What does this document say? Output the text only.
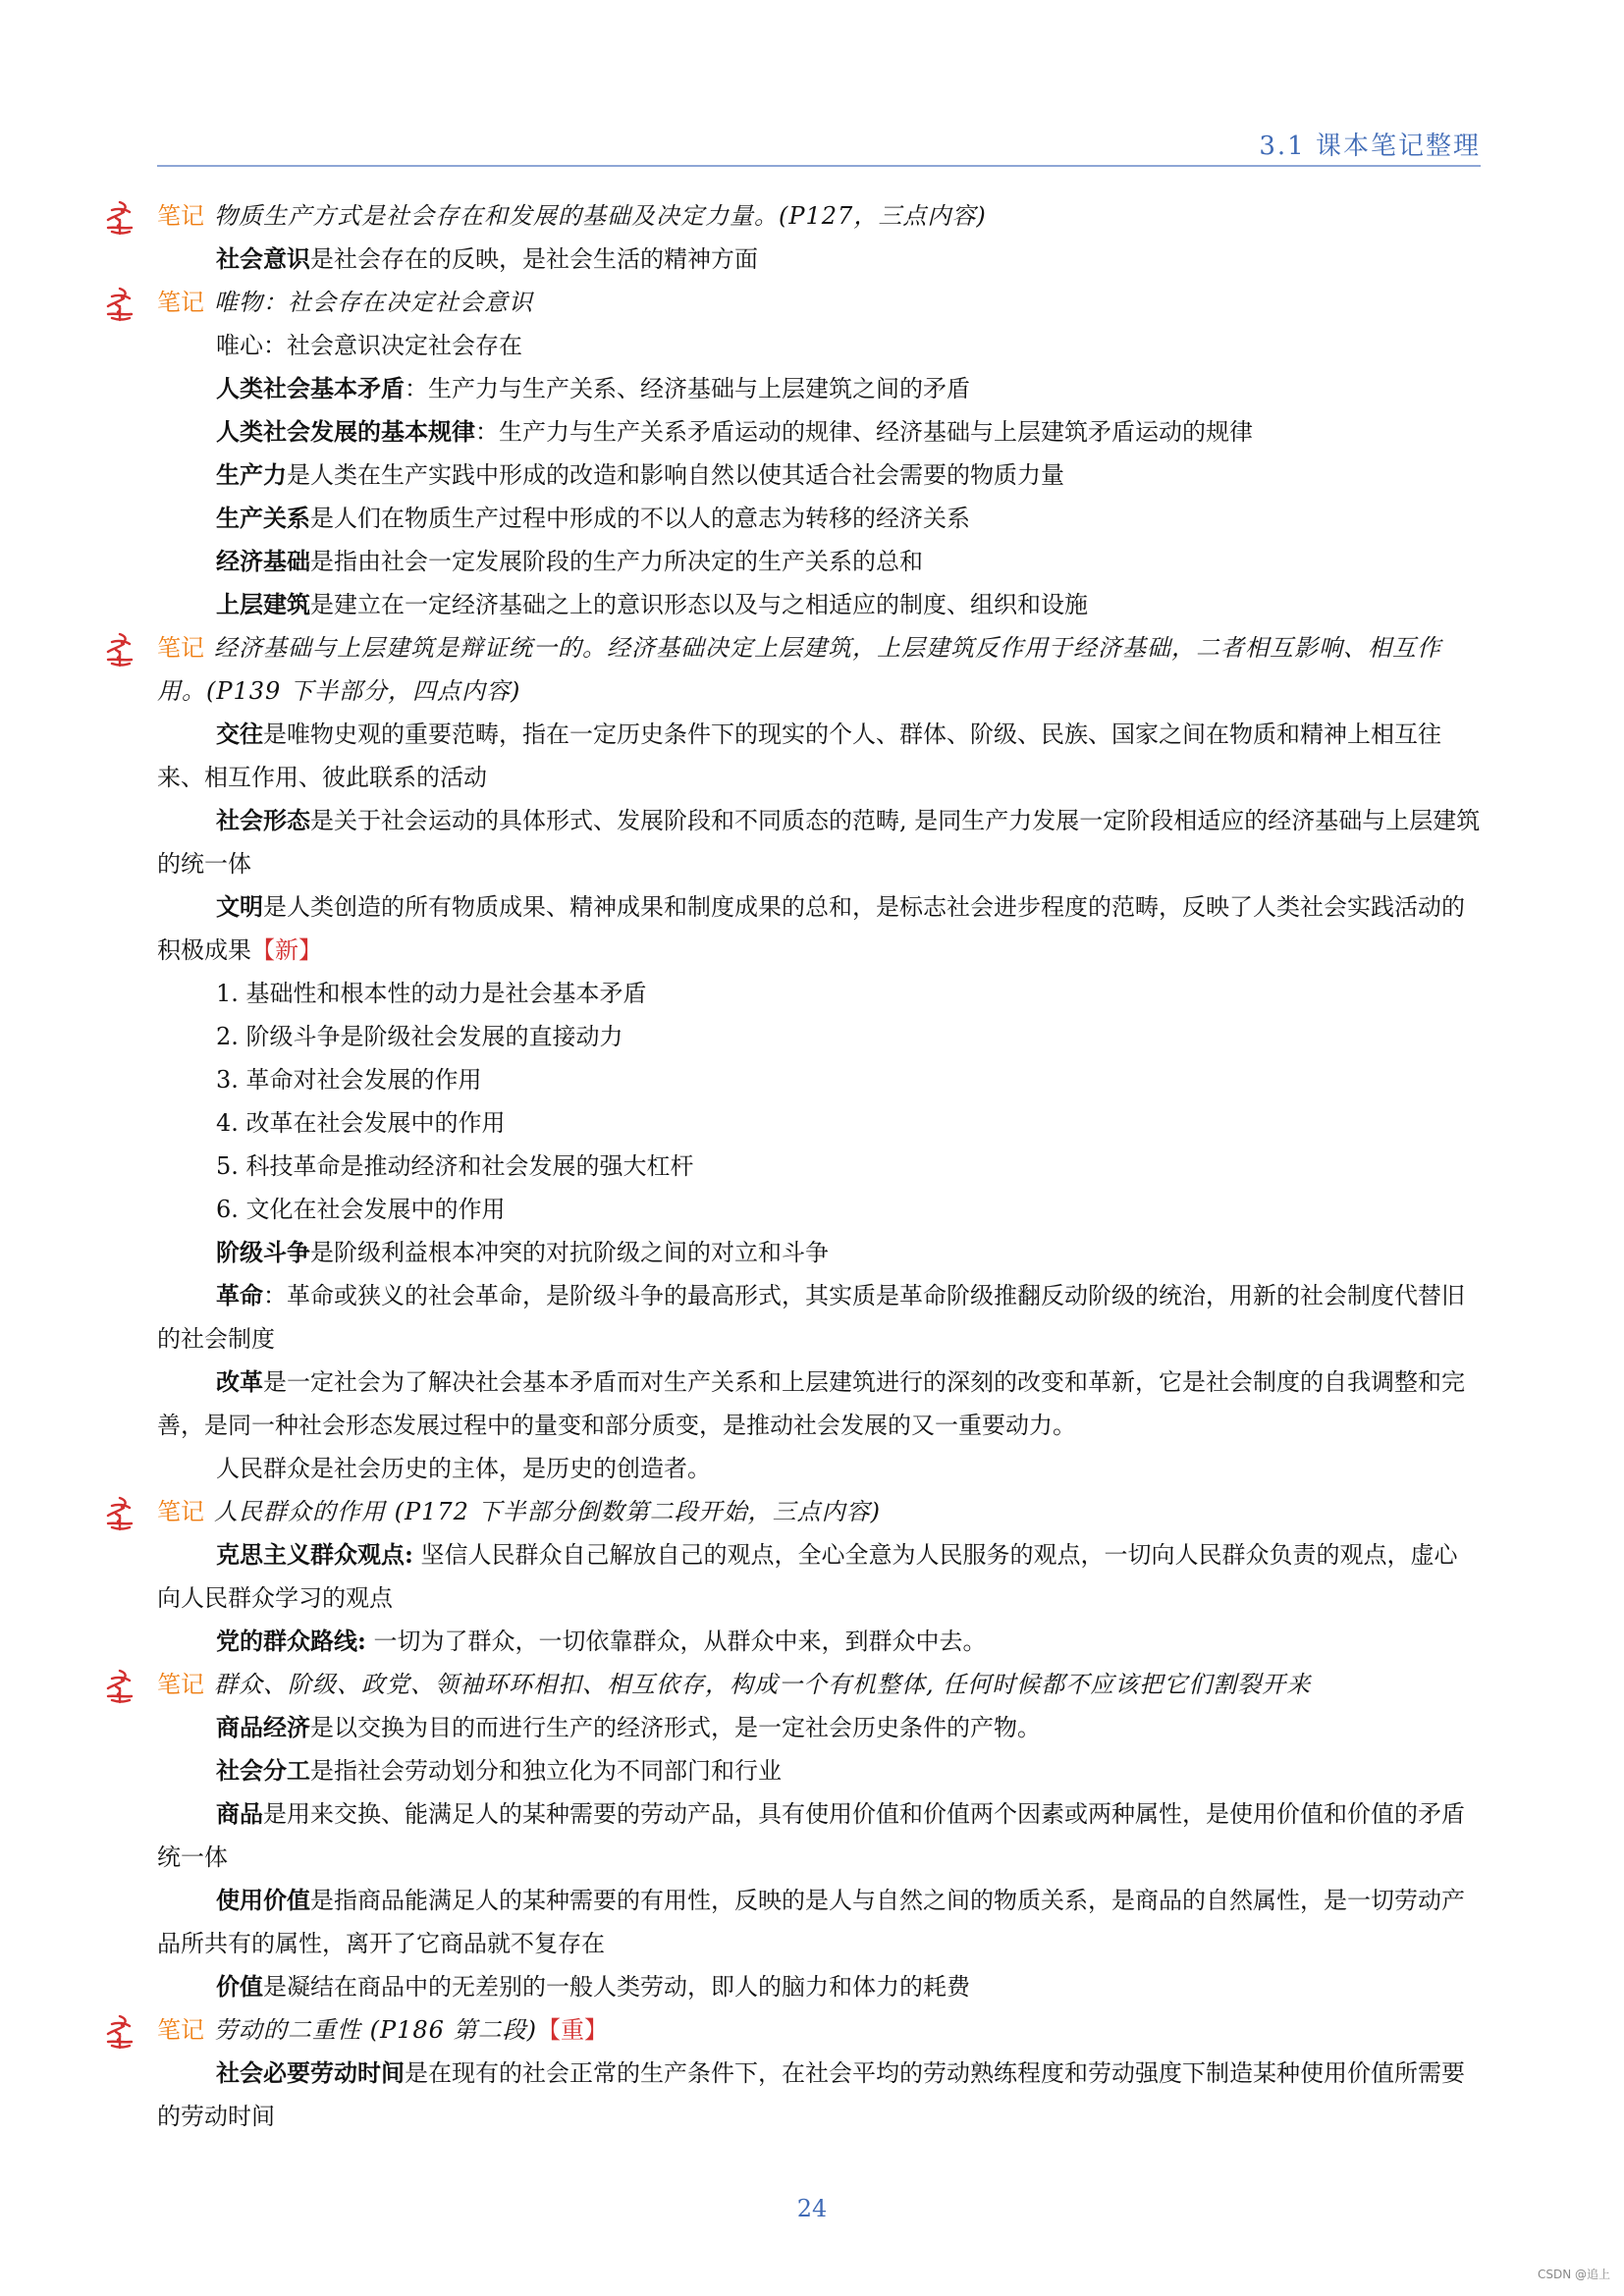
3.1 课本笔记整理

笔记 物质生产方式是社会存在和发展的基础及决定力量。(P127，三点内容)

社会意识是社会存在的反映，是社会生活的精神方面

笔记 唯物：社会存在决定社会意识

唯心：社会意识决定社会存在

人类社会基本矛盾：生产力与生产关系、经济基础与上层建筑之间的矛盾

人类社会发展的基本规律：生产力与生产关系矛盾运动的规律、经济基础与上层建筑矛盾运动的规律

生产力是人类在生产实践中形成的改造和影响自然以使其适合社会需要的物质力量

生产关系是人们在物质生产过程中形成的不以人的意志为转移的经济关系

经济基础是指由社会一定发展阶段的生产力所决定的生产关系的总和

上层建筑是建立在一定经济基础之上的意识形态以及与之相适应的制度、组织和设施

笔记 经济基础与上层建筑是辩证统一的。经济基础决定上层建筑，上层建筑反作用于经济基础，二者相互影响、相互作用。(P139 下半部分，四点内容)

交往是唯物史观的重要范畴，指在一定历史条件下的现实的个人、群体、阶级、民族、国家之间在物质和精神上相互往来、相互作用、彼此联系的活动

社会形态是关于社会运动的具体形式、发展阶段和不同质态的范畴, 是同生产力发展一定阶段相适应的经济基础与上层建筑的统一体

文明是人类创造的所有物质成果、精神成果和制度成果的总和，是标志社会进步程度的范畴，反映了人类社会实践活动的积极成果【新】

1. 基础性和根本性的动力是社会基本矛盾

2. 阶级斗争是阶级社会发展的直接动力

3. 革命对社会发展的作用

4. 改革在社会发展中的作用

5. 科技革命是推动经济和社会发展的强大杠杆

6. 文化在社会发展中的作用

阶级斗争是阶级利益根本冲突的对抗阶级之间的对立和斗争

革命：革命或狭义的社会革命，是阶级斗争的最高形式，其实质是革命阶级推翻反动阶级的统治，用新的社会制度代替旧的社会制度

改革是一定社会为了解决社会基本矛盾而对生产关系和上层建筑进行的深刻的改变和革新，它是社会制度的自我调整和完善，是同一种社会形态发展过程中的量变和部分质变，是推动社会发展的又一重要动力。

人民群众是社会历史的主体，是历史的创造者。

笔记 人民群众的作用 (P172 下半部分倒数第二段开始，三点内容)

克思主义群众观点: 坚信人民群众自己解放自己的观点，全心全意为人民服务的观点，一切向人民群众负责的观点，虚心向人民群众学习的观点

党的群众路线: 一切为了群众，一切依靠群众，从群众中来，到群众中去。

笔记 群众、阶级、政党、领袖环环相扣、相互依存，构成一个有机整体, 任何时候都不应该把它们割裂开来

商品经济是以交换为目的而进行生产的经济形式，是一定社会历史条件的产物。

社会分工是指社会劳动划分和独立化为不同部门和行业

商品是用来交换、能满足人的某种需要的劳动产品，具有使用价值和价值两个因素或两种属性，是使用价值和价值的矛盾统一体

使用价值是指商品能满足人的某种需要的有用性，反映的是人与自然之间的物质关系，是商品的自然属性，是一切劳动产品所共有的属性，离开了它商品就不复存在

价值是凝结在商品中的无差别的一般人类劳动，即人的脑力和体力的耗费

笔记 劳动的二重性 (P186 第二段)【重】

社会必要劳动时间是在现有的社会正常的生产条件下，在社会平均的劳动熟练程度和劳动强度下制造某种使用价值所需要的劳动时间

24
CSDN @追上
